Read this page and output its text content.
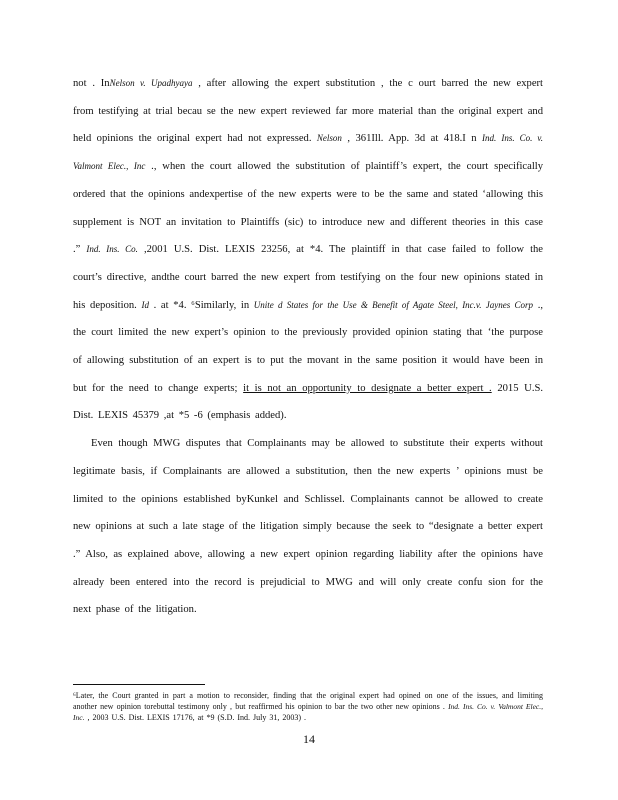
not . InNelson v. Upadhyaya , after allowing the expert substitution , the c ourt barred the new expert from testifying at trial becau se the new expert reviewed far more material than the original expert and held opinions the original expert had not expressed. Nelson , 361Ill. App. 3d at 418.I n Ind. Ins. Co. v. Valmont Elec., Inc ., when the court allowed the substitution of plaintiff’s expert, the court specifically ordered that the opinions andexpertise of the new experts were to be the same and stated ‘allowing this supplement is NOT an invitation to Plaintiffs (sic) to introduce new and different theories in this case .” Ind. Ins. Co. ,2001 U.S. Dist. LEXIS 23256, at *4. The plaintiff in that case failed to follow the court’s directive, andthe court barred the new expert from testifying on the four new opinions stated in his deposition. Id . at *4. ⁶Similarly, in Unite d States for the Use & Benefit of Agate Steel, Inc.v. Jaynes Corp ., the court limited the new expert’s opinion to the previously provided opinion stating that ‘the purpose of allowing substitution of an expert is to put the movant in the same position it would have been in but for the need to change experts; it is not an opportunity to designate a better expert . 2015 U.S. Dist. LEXIS 45379 ,at *5 -6 (emphasis added).

Even though MWG disputes that Complainants may be allowed to substitute their experts without legitimate basis, if Complainants are allowed a substitution, then the new experts ’ opinions must be limited to the opinions established byKunkel and Schlissel. Complainants cannot be allowed to create new opinions at such a late stage of the litigation simply because the seek to “designate a better expert .” Also, as explained above, allowing a new expert opinion regarding liability after the opinions have already been entered into the record is prejudicial to MWG and will only create confu sion for the next phase of the litigation.

⁶Later, the Court granted in part a motion to reconsider, finding that the original expert had opined on one of the issues, and limiting another new opinion torebuttal testimony only , but reaffirmed his opinion to bar the two other new opinions . Ind. Ins. Co. v. Valmont Elec., Inc. , 2003 U.S. Dist. LEXIS 17176, at *9 (S.D. Ind. July 31, 2003) .

14
